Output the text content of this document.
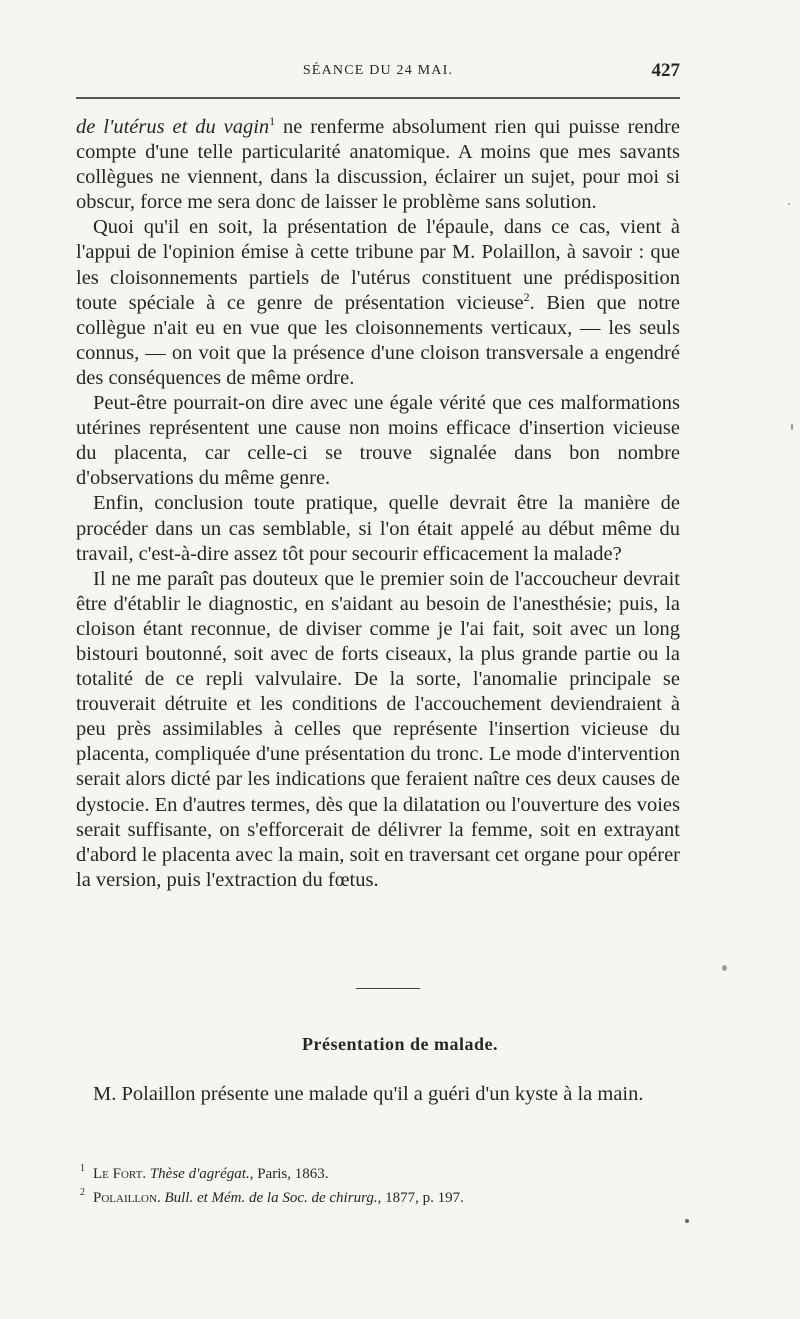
SÉANCE DU 24 MAI.	427

de l'utérus et du vagin$^1$ ne renferme absolument rien qui puisse rendre compte d'une telle particularité anatomique. A moins que mes savants collègues ne viennent, dans la discussion, éclairer un sujet, pour moi si obscur, force me sera donc de laisser le problème sans solution.

Quoi qu'il en soit, la présentation de l'épaule, dans ce cas, vient à l'appui de l'opinion émise à cette tribune par M. Polaillon, à savoir : que les cloisonnements partiels de l'utérus constituent une prédisposition toute spéciale à ce genre de présentation vicieuse$^2$. Bien que notre collègue n'ait eu en vue que les cloisonnements verticaux, — les seuls connus, — on voit que la présence d'une cloison transversale a engendré des conséquences de même ordre.

Peut-être pourrait-on dire avec une égale vérité que ces malformations utérines représentent une cause non moins efficace d'insertion vicieuse du placenta, car celle-ci se trouve signalée dans bon nombre d'observations du même genre.

Enfin, conclusion toute pratique, quelle devrait être la manière de procéder dans un cas semblable, si l'on était appelé au début même du travail, c'est-à-dire assez tôt pour secourir efficacement la malade?

Il ne me paraît pas douteux que le premier soin de l'accoucheur devrait être d'établir le diagnostic, en s'aidant au besoin de l'anesthésie; puis, la cloison étant reconnue, de diviser comme je l'ai fait, soit avec un long bistouri boutonné, soit avec de forts ciseaux, la plus grande partie ou la totalité de ce repli valvulaire. De la sorte, l'anomalie principale se trouverait détruite et les conditions de l'accouchement deviendraient à peu près assimilables à celles que représente l'insertion vicieuse du placenta, compliquée d'une présentation du tronc. Le mode d'intervention serait alors dicté par les indications que feraient naître ces deux causes de dystocie. En d'autres termes, dès que la dilatation ou l'ouverture des voies serait suffisante, on s'efforcerait de délivrer la femme, soit en extrayant d'abord le placenta avec la main, soit en traversant cet organe pour opérer la version, puis l'extraction du fœtus.

Présentation de malade.

M. Polaillon présente une malade qu'il a guéri d'un kyste à la main.

1 Le Fort. Thèse d'agrégat., Paris, 1863.
2 Polaillon. Bull. et Mém. de la Soc. de chirurg., 1877, p. 197.
